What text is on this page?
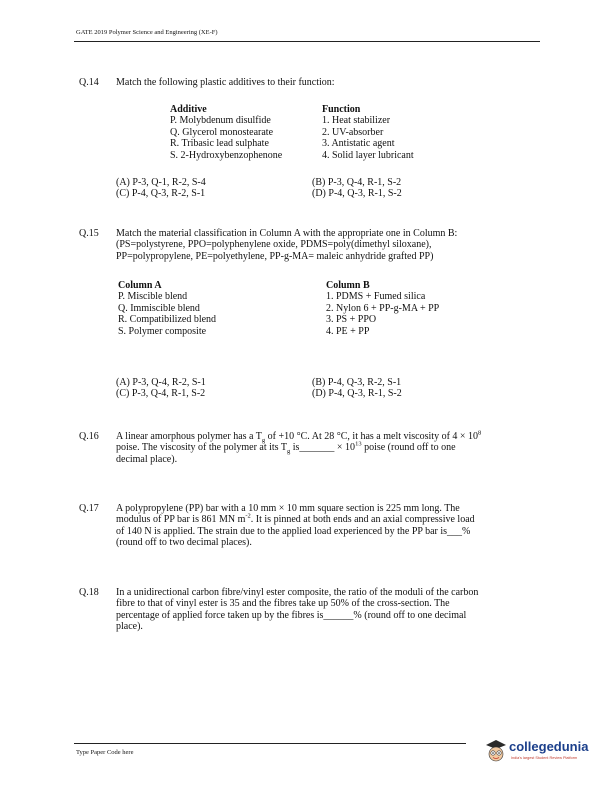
GATE 2019 Polymer Science and Engineering (XE-F)
Q.14 Match the following plastic additives to their function:
Additive
P. Molybdenum disulfide
Q. Glycerol monostearate
R. Tribasic lead sulphate
S. 2-Hydroxybenzophenone
Function
1. Heat stabilizer
2. UV-absorber
3. Antistatic agent
4. Solid layer lubricant
(A) P-3, Q-1, R-2, S-4
(C) P-4, Q-3, R-2, S-1
(B) P-3, Q-4, R-1, S-2
(D) P-4, Q-3, R-1, S-2
Q.15 Match the material classification in Column A with the appropriate one in Column B:
(PS=polystyrene, PPO=polyphenylene oxide, PDMS=poly(dimethyl siloxane),
PP=polypropylene, PE=polyethylene, PP-g-MA= maleic anhydride grafted PP)
Column A
P. Miscible blend
Q. Immiscible blend
R. Compatibilized blend
S. Polymer composite
Column B
1. PDMS + Fumed silica
2. Nylon 6 + PP-g-MA + PP
3. PS + PPO
4. PE + PP
(A) P-3, Q-4, R-2, S-1
(C) P-3, Q-4, R-1, S-2
(B) P-4, Q-3, R-2, S-1
(D) P-4, Q-3, R-1, S-2
Q.16 A linear amorphous polymer has a $T_g$ of +10 °C. At 28 °C, it has a melt viscosity of $4 \times 10^8$
poise. The viscosity of the polymer at its $T_g$ is_______ × $10^{13}$ poise (round off to one
decimal place).
Q.17 A polypropylene (PP) bar with a 10 mm × 10 mm square section is 225 mm long. The
modulus of PP bar is 861 MN $m^{-2}$. It is pinned at both ends and an axial compressive load
of 140 N is applied. The strain due to the applied load experienced by the PP bar is___%
(round off to two decimal places).
Q.18 In a unidirectional carbon fibre/vinyl ester composite, the ratio of the moduli of the carbon
fibre to that of vinyl ester is 35 and the fibres take up 50% of the cross-section. The
percentage of applied force taken up by the fibres is______% (round off to one decimal
place).
Type Paper Code here	collegedunia
India's largest Student Review Platform
